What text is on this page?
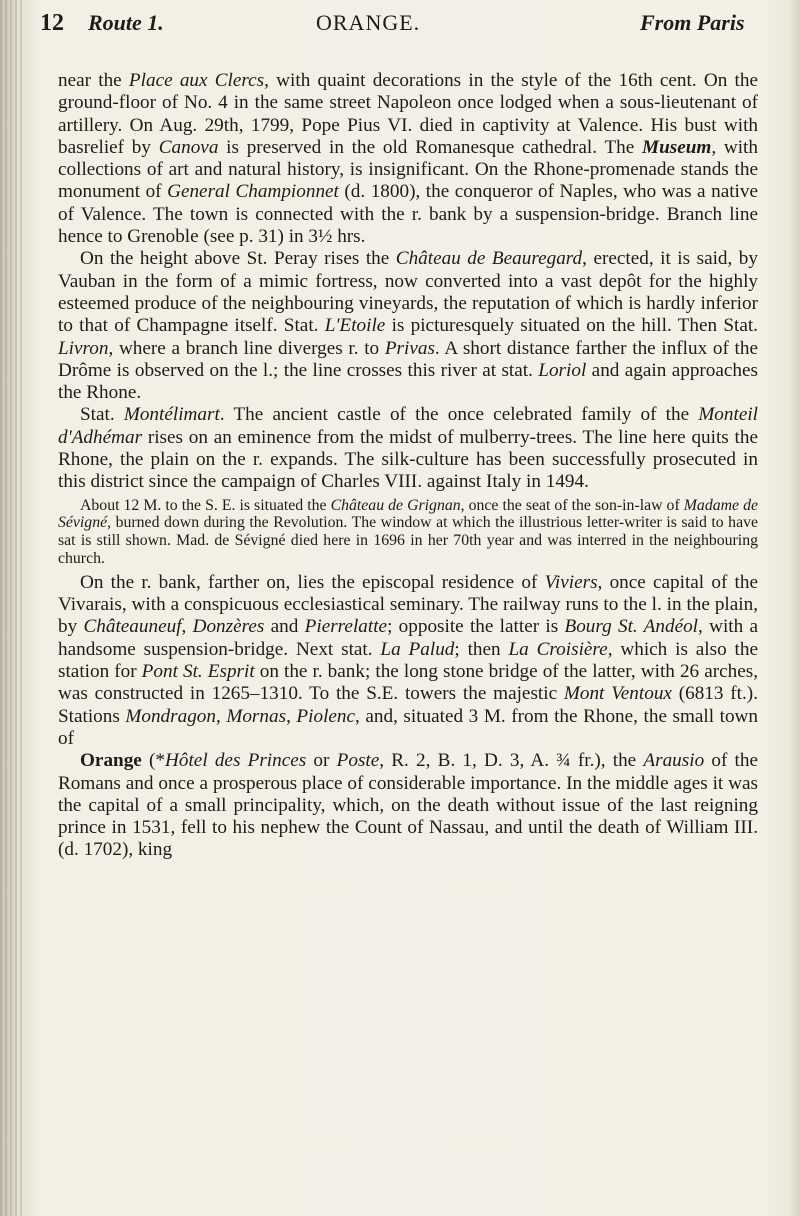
12 Route 1.	ORANGE.	From Paris

near the Place aux Clercs, with quaint decorations in the style of the 16th cent. On the ground-floor of No. 4 in the same street Napoleon once lodged when a sous-lieutenant of artillery. On Aug. 29th, 1799, Pope Pius VI. died in captivity at Valence. His bust with basrelief by Canova is preserved in the old Romanesque cathedral. The Museum, with collections of art and natural history, is insignificant. On the Rhone-promenade stands the monument of General Championnet (d. 1800), the conqueror of Naples, who was a native of Valence. The town is connected with the r. bank by a suspension-bridge. Branch line hence to Grenoble (see p. 31) in 3½ hrs.

On the height above St. Peray rises the Château de Beauregard, erected, it is said, by Vauban in the form of a mimic fortress, now converted into a vast depôt for the highly esteemed produce of the neighbouring vineyards, the reputation of which is hardly inferior to that of Champagne itself. Stat. L'Etoile is picturesquely situated on the hill. Then Stat. Livron, where a branch line diverges r. to Privas. A short distance farther the influx of the Drôme is observed on the l.; the line crosses this river at stat. Loriol and again approaches the Rhone.

Stat. Montélimart. The ancient castle of the once celebrated family of the Monteil d'Adhémar rises on an eminence from the midst of mulberry-trees. The line here quits the Rhone, the plain on the r. expands. The silk-culture has been successfully prosecuted in this district since the campaign of Charles VIII. against Italy in 1494.

About 12 M. to the S. E. is situated the Château de Grignan, once the seat of the son-in-law of Madame de Sévigné, burned down during the Revolution. The window at which the illustrious letter-writer is said to have sat is still shown. Mad. de Sévigné died here in 1696 in her 70th year and was interred in the neighbouring church.

On the r. bank, farther on, lies the episcopal residence of Viviers, once capital of the Vivarais, with a conspicuous ecclesiastical seminary. The railway runs to the l. in the plain, by Châteauneuf, Donzères and Pierrelatte; opposite the latter is Bourg St. Andéol, with a handsome suspension-bridge. Next stat. La Palud; then La Croisière, which is also the station for Pont St. Esprit on the r. bank; the long stone bridge of the latter, with 26 arches, was constructed in 1265–1310. To the S.E. towers the majestic Mont Ventoux (6813 ft.). Stations Mondragon, Mornas, Piolenc, and, situated 3 M. from the Rhone, the small town of

Orange (*Hôtel des Princes or Poste, R. 2, B. 1, D. 3, A. ¾ fr.), the Arausio of the Romans and once a prosperous place of considerable importance. In the middle ages it was the capital of a small principality, which, on the death without issue of the last reigning prince in 1531, fell to his nephew the Count of Nassau, and until the death of William III. (d. 1702), king
